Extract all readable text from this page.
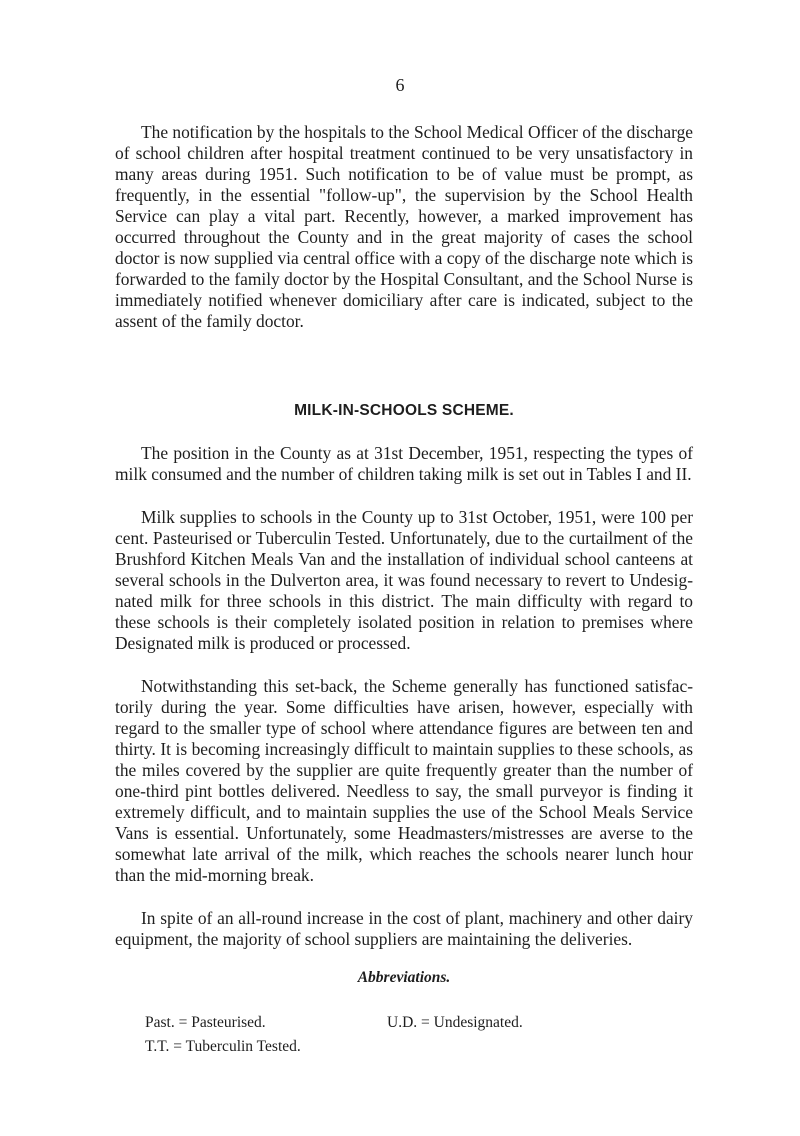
6

The notification by the hospitals to the School Medical Officer of the discharge of school children after hospital treatment continued to be very unsatisfactory in many areas during 1951. Such notification to be of value must be prompt, as frequently, in the essential "follow-up", the supervision by the School Health Service can play a vital part. Recently, however, a marked improvement has occurred throughout the County and in the great majority of cases the school doctor is now supplied via central office with a copy of the discharge note which is forwarded to the family doctor by the Hospital Consultant, and the School Nurse is immediately notified whenever domiciliary after care is indicated, subject to the assent of the family doctor.

MILK-IN-SCHOOLS SCHEME.

The position in the County as at 31st December, 1951, respecting the types of milk consumed and the number of children taking milk is set out in Tables I and II.

Milk supplies to schools in the County up to 31st October, 1951, were 100 per cent. Pasteurised or Tuberculin Tested. Unfortunately, due to the curtailment of the Brushford Kitchen Meals Van and the installation of individual school canteens at several schools in the Dulverton area, it was found necessary to revert to Undesig-nated milk for three schools in this district. The main difficulty with regard to these schools is their completely isolated position in relation to premises where Designated milk is produced or processed.

Notwithstanding this set-back, the Scheme generally has functioned satisfac-torily during the year. Some difficulties have arisen, however, especially with regard to the smaller type of school where attendance figures are between ten and thirty. It is becoming increasingly difficult to maintain supplies to these schools, as the miles covered by the supplier are quite frequently greater than the number of one-third pint bottles delivered. Needless to say, the small purveyor is finding it extremely difficult, and to maintain supplies the use of the School Meals Service Vans is essential. Unfortunately, some Headmasters/mistresses are averse to the somewhat late arrival of the milk, which reaches the schools nearer lunch hour than the mid-morning break.

In spite of an all-round increase in the cost of plant, machinery and other dairy equipment, the majority of school suppliers are maintaining the deliveries.

Abbreviations.
Past. = Pasteurised.	U.D. = Undesignated.
T.T. = Tuberculin Tested.
